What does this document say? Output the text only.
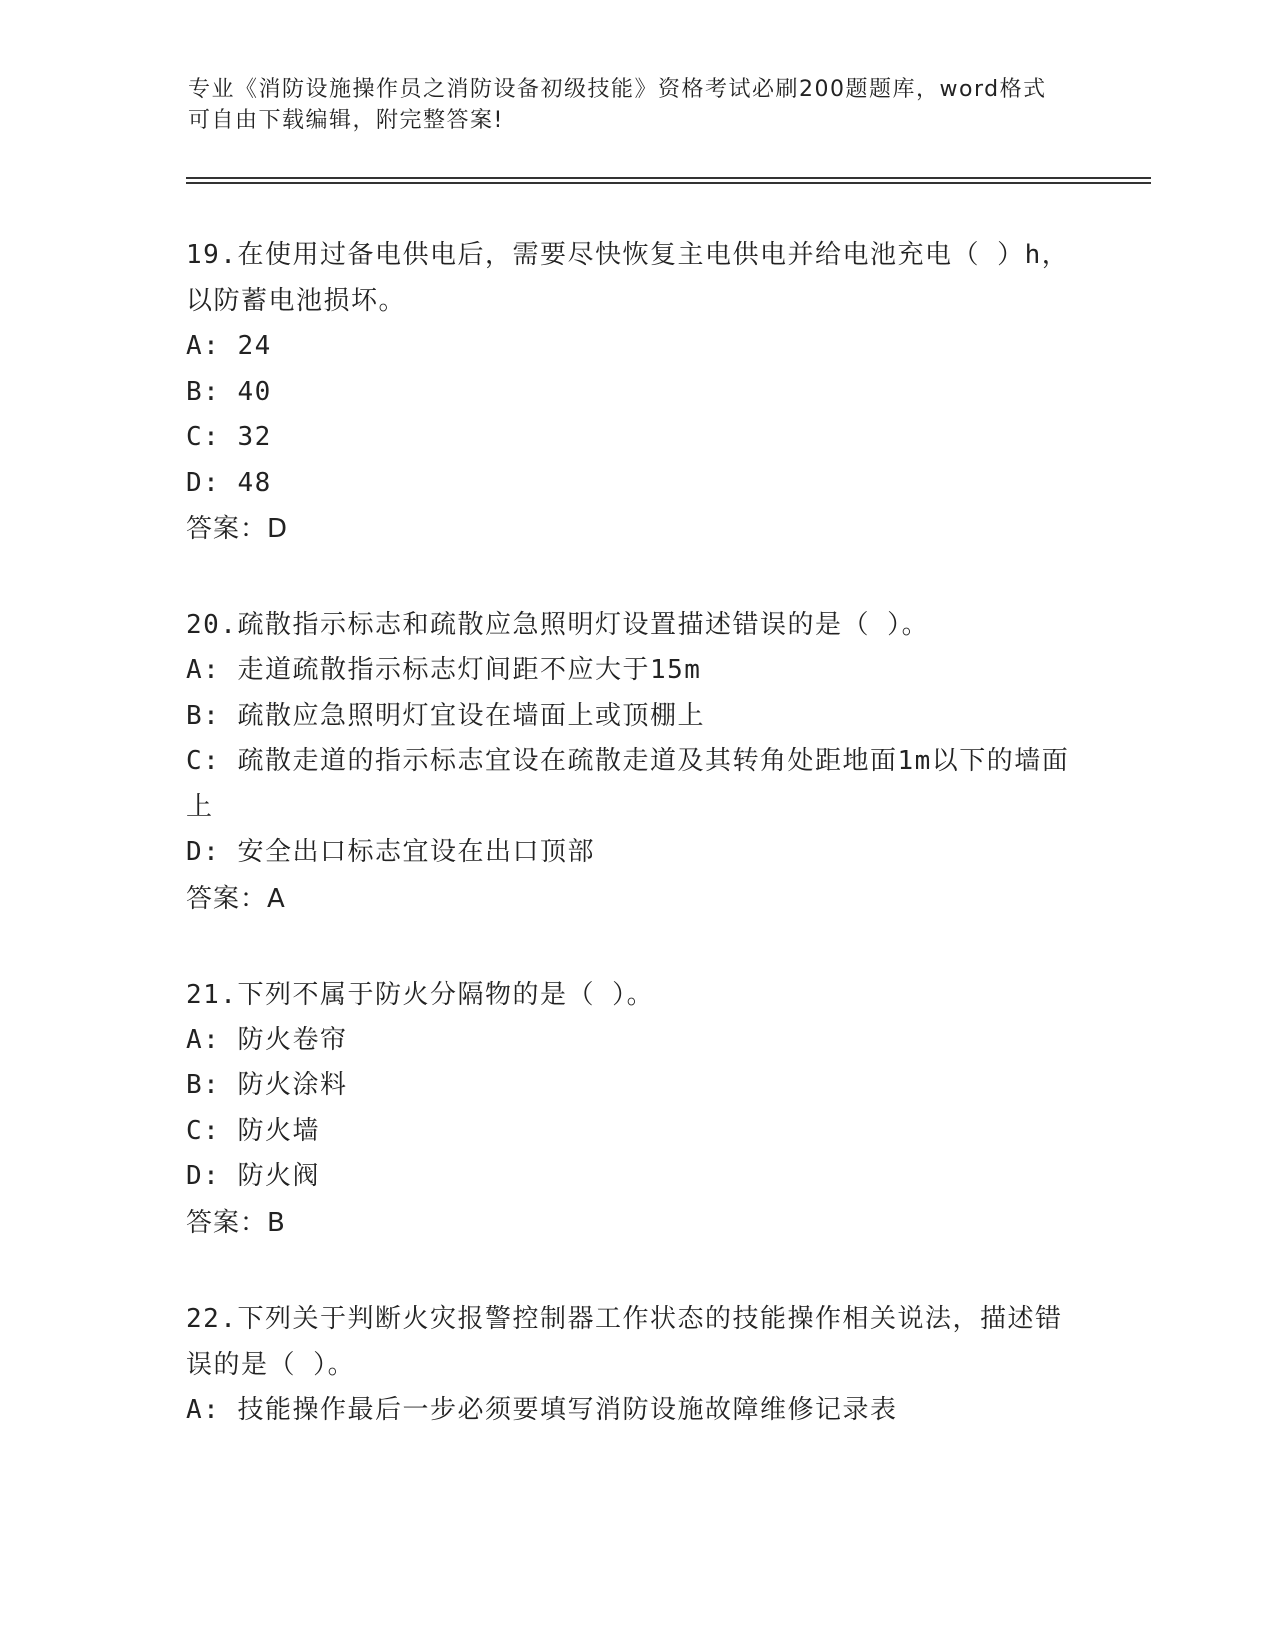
专业《消防设施操作员之消防设备初级技能》资格考试必刷200题题库，word格式可自由下载编辑，附完整答案!
19.在使用过备电供电后，需要尽快恢复主电供电并给电池充电（ ）h，以防蓄电池损坏。
A: 24
B: 40
C: 32
D: 48
答案：D
20.疏散指示标志和疏散应急照明灯设置描述错误的是（ ）。
A: 走道疏散指示标志灯间距不应大于15m
B: 疏散应急照明灯宜设在墙面上或顶棚上
C: 疏散走道的指示标志宜设在疏散走道及其转角处距地面1m以下的墙面上
D: 安全出口标志宜设在出口顶部
答案：A
21.下列不属于防火分隔物的是（ ）。
A: 防火卷帘
B: 防火涂料
C: 防火墙
D: 防火阀
答案：B
22.下列关于判断火灾报警控制器工作状态的技能操作相关说法，描述错误的是（ ）。
A: 技能操作最后一步必须要填写消防设施故障维修记录表
